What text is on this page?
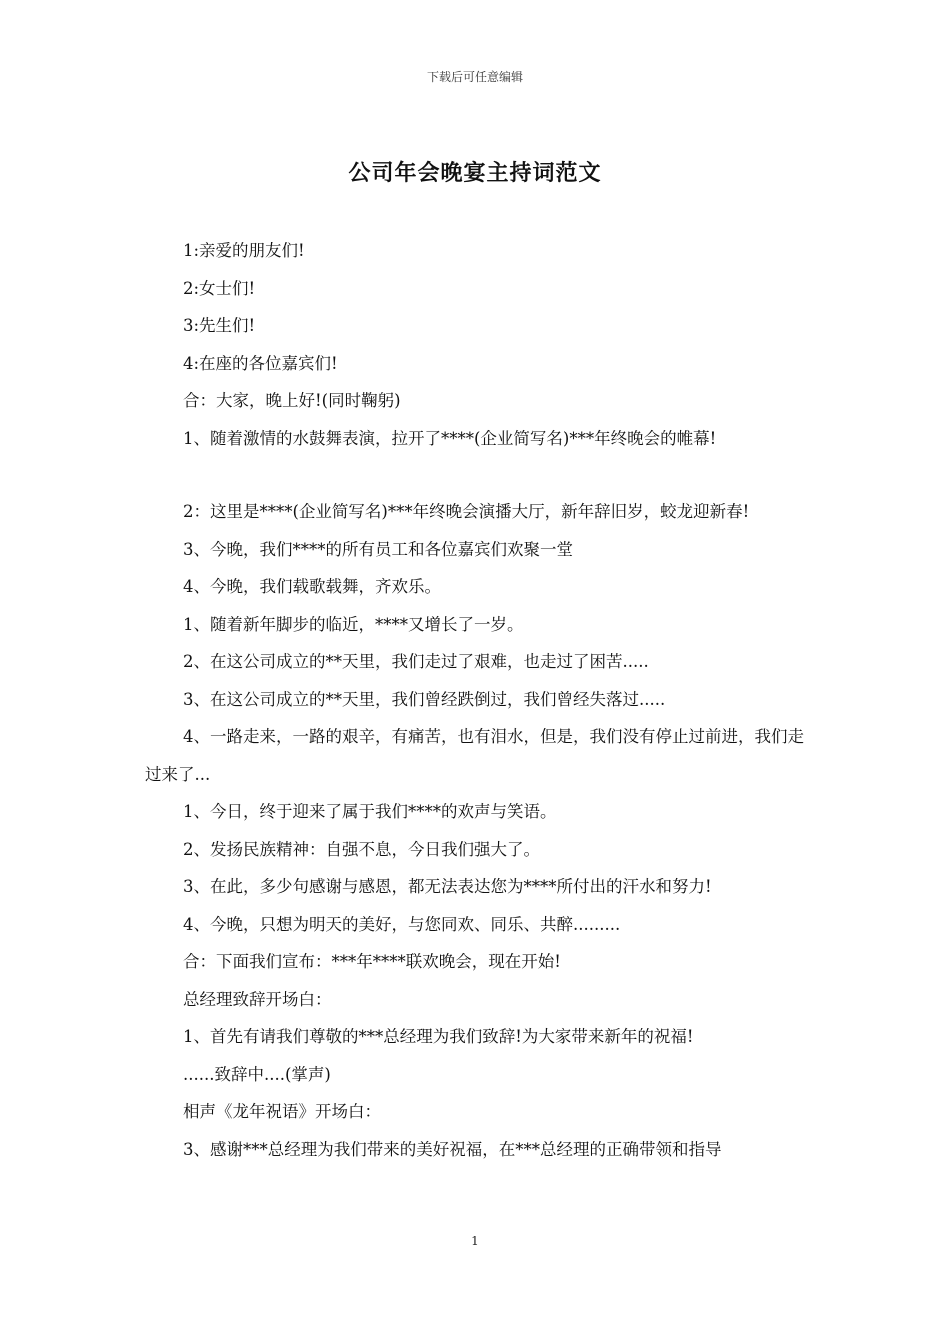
下载后可任意编辑
公司年会晚宴主持词范文

1:亲爱的朋友们!

2:女士们!

3:先生们!

4:在座的各位嘉宾们!

合：大家，晚上好!(同时鞠躬)

1、随着激情的水鼓舞表演，拉开了****(企业简写名)***年终晚会的帷幕!

2：这里是****(企业简写名)***年终晚会演播大厅，新年辞旧岁，蛟龙迎新春!

3、今晚，我们****的所有员工和各位嘉宾们欢聚一堂

4、今晚，我们载歌载舞，齐欢乐。

1、随着新年脚步的临近，****又增长了一岁。

2、在这公司成立的**天里，我们走过了艰难，也走过了困苦.....

3、在这公司成立的**天里，我们曾经跌倒过，我们曾经失落过.....

4、一路走来，一路的艰辛，有痛苦，也有泪水，但是，我们没有停止过前进，我们走过来了...

1、今日，终于迎来了属于我们****的欢声与笑语。

2、发扬民族精神：自强不息，今日我们强大了。

3、在此，多少句感谢与感恩，都无法表达您为****所付出的汗水和努力!

4、今晚，只想为明天的美好，与您同欢、同乐、共醉.........

合：下面我们宣布：***年****联欢晚会，现在开始!

总经理致辞开场白：

1、首先有请我们尊敬的***总经理为我们致辞!为大家带来新年的祝福!

......致辞中....(掌声)

相声《龙年祝语》开场白：

3、感谢***总经理为我们带来的美好祝福，在***总经理的正确带领和指导

1
